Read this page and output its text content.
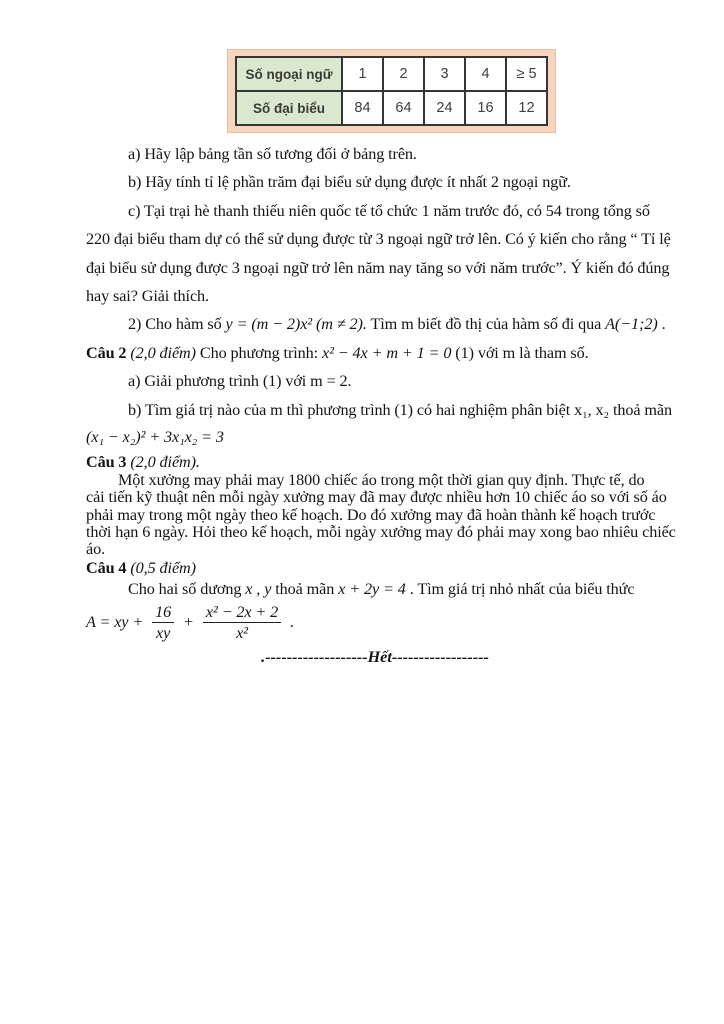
Số ngoại ngữ	1	2	3	4	≥ 5
Số đại biểu	84	64	24	16	12
a) Hãy lập bảng tần số tương đối ở bảng trên.
b) Hãy tính tỉ lệ phần trăm đại biểu sử dụng được ít nhất 2 ngoại ngữ.
c) Tại trại hè thanh thiếu niên quốc tế tổ chức 1 năm trước đó, có 54 trong tổng số
220 đại biểu tham dự có thể sử dụng được từ 3 ngoại ngữ trở lên. Có ý kiến cho rằng “ Tỉ lệ
đại biểu sử dụng được 3 ngoại ngữ trở lên năm nay tăng so với năm trước”. Ý kiến đó đúng
hay sai? Giải thích.
2) Cho hàm số y = (m − 2)x² (m ≠ 2). Tìm m biết đồ thị của hàm số đi qua A(−1;2) .
Câu 2 (2,0 điểm) Cho phương trình: x² − 4x + m + 1 = 0 (1) với m là tham số.
a) Giải phương trình (1) với m = 2.
b) Tìm giá trị nào của m thì phương trình (1) có hai nghiệm phân biệt x₁, x₂ thoả mãn
(x₁ − x₂)² + 3x₁x₂ = 3
Câu 3 (2,0 điểm).
Một xưởng may phải may 1800 chiếc áo trong một thời gian quy định. Thực tế, do
cải tiến kỹ thuật nên mỗi ngày xưởng may đã may được nhiều hơn 10 chiếc áo so với số áo
phải may trong một ngày theo kế hoạch. Do đó xưởng may đã hoàn thành kế hoạch trước
thời hạn 6 ngày. Hỏi theo kế hoạch, mỗi ngày xưởng may đó phải may xong bao nhiêu chiếc
áo.
Câu 4 (0,5 điểm)
Cho hai số dương x , y thoả mãn x + 2y = 4 . Tìm giá trị nhỏ nhất của biểu thức
A = xy + $\frac{16}{xy} + \frac{\text{x² − 2x + 2}}{\text{x²}}$ .
.-------------------Hết------------------
